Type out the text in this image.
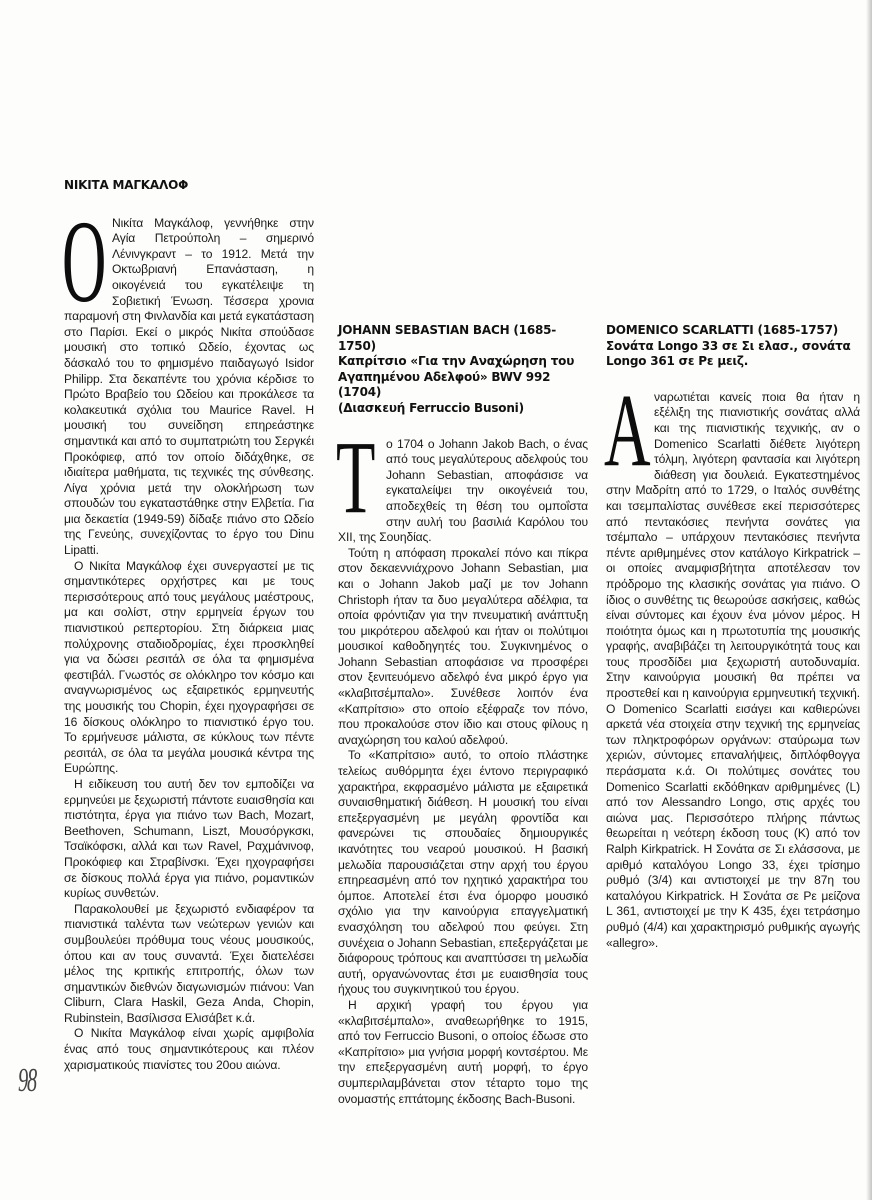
ΝΙΚΙΤΑ ΜΑΓΚΑΛΟΦ

Ο Νικίτα Μαγκάλοφ, γεννήθηκε στην Αγία Πετρούπολη – σημερινό Λένινγκραντ – το 1912. Μετά την Οκτωβριανή Επανάσταση, η οικογένειά του εγκατέλειψε τη Σοβιετική Ένωση. Τέσσερα χρονια παραμονή στη Φινλανδία και μετά εγκατάσταση στο Παρίσι. Εκεί ο μικρός Νικίτα σπούδασε μουσική στο τοπικό Ωδείο, έχοντας ως δάσκαλό του το φημισμένο παιδαγωγό Isidor Philipp. Στα δεκαπέντε του χρόνια κέρδισε το Πρώτο Βραβείο του Ωδείου και προκάλεσε τα κολακευτικά σχόλια του Maurice Ravel. Η μουσική του συνείδηση επηρεάστηκε σημαντικά και από το συμπατριώτη του Σεργκέι Προκόφιεφ, από τον οποίο διδάχθηκε, σε ιδιαίτερα μαθήματα, τις τεχνικές της σύνθεσης. Λίγα χρόνια μετά την ολοκλήρωση των σπουδών του εγκαταστάθηκε στην Ελβετία. Για μια δεκαετία (1949-59) δίδαξε πιάνο στο Ωδείο της Γενεύης, συνεχίζοντας το έργο του Dinu Lipatti.

Ο Νικίτα Μαγκάλοφ έχει συνεργαστεί με τις σημαντικότερες ορχήστρες και με τους περισσότερους από τους μεγάλους μαέστρους, μα και σολίστ, στην ερμηνεία έργων του πιανιστικού ρεπερτορίου. Στη διάρκεια μιας πολύχρονης σταδιοδρομίας, έχει προσκληθεί για να δώσει ρεσιτάλ σε όλα τα φημισμένα φεστιβάλ. Γνωστός σε ολόκληρο τον κόσμο και αναγνωρισμένος ως εξαιρετικός ερμηνευτής της μουσικής του Chopin, έχει ηχογραφήσει σε 16 δίσκους ολόκληρο το πιανιστικό έργο του. Το ερμήνευσε μάλιστα, σε κύκλους των πέντε ρεσιτάλ, σε όλα τα μεγάλα μουσικά κέντρα της Ευρώπης.

Η ειδίκευση του αυτή δεν τον εμποδίζει να ερμηνεύει με ξεχωριστή πάντοτε ευαισθησία και πιστότητα, έργα για πιάνο των Bach, Mozart, Beethoven, Schumann, Liszt, Μουσόργκσκι, Τσαϊκόφσκι, αλλά και των Ravel, Ραχμάνινοφ, Προκόφιεφ και Στραβίνσκι. Έχει ηχογραφήσει σε δίσκους πολλά έργα για πιάνο, ρομαντικών κυρίως συνθετών.

Παρακολουθεί με ξεχωριστό ενδιαφέρον τα πιανιστικά ταλέντα των νεώτερων γενιών και συμβουλεύει πρόθυμα τους νέους μουσικούς, όπου και αν τους συναντά. Έχει διατελέσει μέλος της κριτικής επιτροπής, όλων των σημαντικών διεθνών διαγωνισμών πιάνου: Van Cliburn, Clara Haskil, Geza Anda, Chopin, Rubinstein, Βασίλισσα Ελισάβετ κ.ά.

Ο Νικίτα Μαγκάλοφ είναι χωρίς αμφιβολία ένας από τους σημαντικότερους και πλέον χαρισματικούς πιανίστες του 20ου αιώνα.

JOHANN SEBASTIAN BACH (1685-1750)
Καπρίτσιο «Για την Αναχώρηση του Αγαπημένου Αδελφού» BWV 992 (1704)
(Διασκευή Ferruccio Busoni)

Το 1704 ο Johann Jakob Bach, ο ένας από τους μεγαλύτερους αδελφούς του Johann Sebastian, αποφάσισε να εγκαταλείψει την οικογένειά του, αποδεχθείς τη θέση του ομποΐστα στην αυλή του βασιλιά Καρόλου του XII, της Σουηδίας.

Τούτη η απόφαση προκαλεί πόνο και πίκρα στον δεκαεννιάχρονο Johann Sebastian, μια και ο Johann Jakob μαζί με τον Johann Christoph ήταν τα δυο μεγαλύτερα αδέλφια, τα οποία φρόντιζαν για την πνευματική ανάπτυξη του μικρότερου αδελφού και ήταν οι πολύτιμοι μουσικοί καθοδηγητές του. Συγκινημένος ο Johann Sebastian αποφάσισε να προσφέρει στον ξενιτευόμενο αδελφό ένα μικρό έργο για «κλαβιτσέμπαλο». Συνέθεσε λοιπόν ένα «Καπρίτσιο» στο οποίο εξέφραζε τον πόνο, που προκαλούσε στον ίδιο και στους φίλους η αναχώρηση του καλού αδελφού.

Το «Καπρίτσιο» αυτό, το οποίο πλάστηκε τελείως αυθόρμητα έχει έντονο περιγραφικό χαρακτήρα, εκφρασμένο μάλιστα με εξαιρετικά συναισθηματική διάθεση. Η μουσική του είναι επεξεργασμένη με μεγάλη φροντίδα και φανερώνει τις σπουδαίες δημιουργικές ικανότητες του νεαρού μουσικού. Η βασική μελωδία παρουσιάζεται στην αρχή του έργου επηρεασμένη από τον ηχητικό χαρακτήρα του όμποε. Αποτελεί έτσι ένα όμορφο μουσικό σχόλιο για την καινούργια επαγγελματική ενασχόληση του αδελφού που φεύγει. Στη συνέχεια ο Johann Sebastian, επεξεργάζεται με διάφορους τρόπους και αναπτύσσει τη μελωδία αυτή, οργανώνοντας έτσι με ευαισθησία τους ήχους του συγκινητικού του έργου.

Η αρχική γραφή του έργου για «κλαβιτσέμπαλο», αναθεωρήθηκε το 1915, από τον Ferruccio Busoni, ο οποίος έδωσε στο «Καπρίτσιο» μια γνήσια μορφή κοντσέρτου. Με την επεξεργασμένη αυτή μορφή, το έργο συμπεριλαμβάνεται στον τέταρτο τομο της ονομαστής επτάτομης έκδοσης Bach-Busoni.

DOMENICO SCARLATTI (1685-1757)
Σονάτα Longo 33 σε Σι ελασ., σονάτα Longo 361 σε Ρε μειζ.

Αναρωτιέται κανείς ποια θα ήταν η εξέλιξη της πιανιστικής σονάτας αλλά και της πιανιστικής τεχνικής, αν ο Domenico Scarlatti διέθετε λιγότερη τόλμη, λιγότερη φαντασία και λιγότερη διάθεση για δουλειά. Εγκατεστημένος στην Μαδρίτη από το 1729, ο Ιταλός συνθέτης και τσεμπαλίστας συνέθεσε εκεί περισσότερες από πεντακόσιες πενήντα σονάτες για τσέμπαλο – υπάρχουν πεντακόσιες πενήντα πέντε αριθμημένες στον κατάλογο Kirkpatrick – οι οποίες αναμφισβήτητα αποτέλεσαν τον πρόδρομο της κλασικής σονάτας για πιάνο. Ο ίδιος ο συνθέτης τις θεωρούσε ασκήσεις, καθώς είναι σύντομες και έχουν ένα μόνον μέρος. Η ποιότητα όμως και η πρωτοτυπία της μουσικής γραφής, αναβιβάζει τη λειτουργικότητά τους και τους προσδίδει μια ξεχωριστή αυτοδυναμία. Στην καινούργια μουσική θα πρέπει να προστεθεί και η καινούργια ερμηνευτική τεχνική. Ο Domenico Scarlatti εισάγει και καθιερώνει αρκετά νέα στοιχεία στην τεχνική της ερμηνείας των πληκτροφόρων οργάνων: σταύρωμα των χεριών, σύντομες επαναλήψεις, διπλόφθογγα περάσματα κ.ά. Οι πολύτιμες σονάτες του Domenico Scarlatti εκδόθηκαν αριθμημένες (L) από τον Alessandro Longo, στις αρχές του αιώνα μας. Περισσότερο πλήρης πάντως θεωρείται η νεότερη έκδοση τους (K) από τον Ralph Kirkpatrick. Η Σονάτα σε Σι ελάσσονα, με αριθμό καταλόγου Longo 33, έχει τρίσημο ρυθμό (3/4) και αντιστοιχεί με την 87η του καταλόγου Kirkpatrick. Η Σονάτα σε Ρε μείζονα L 361, αντιστοιχεί με την Κ 435, έχει τετράσημο ρυθμό (4/4) και χαρακτηρισμό ρυθμικής αγωγής «allegro».

98
